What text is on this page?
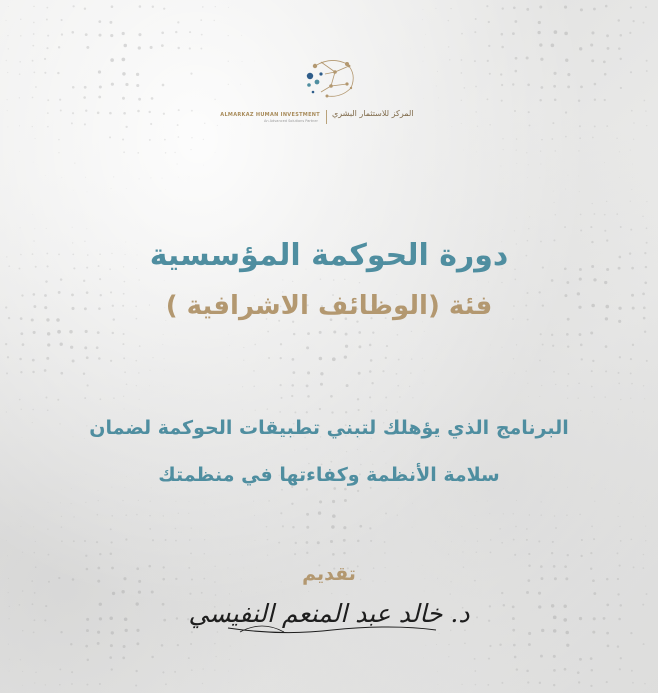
ALMARKAZ HUMAN INVESTMENT
An Advanced Solutions Partner
المركز للاستثمار البشري
دورة الحوكمة المؤسسية
فئة (الوظائف الاشرافية )
البرنامج الذي يؤهلك لتبني تطبيقات الحوكمة لضمان
سلامة الأنظمة وكفاءتها في منظمتك
تقديم
د. خالد عبد المنعم النفيسي
